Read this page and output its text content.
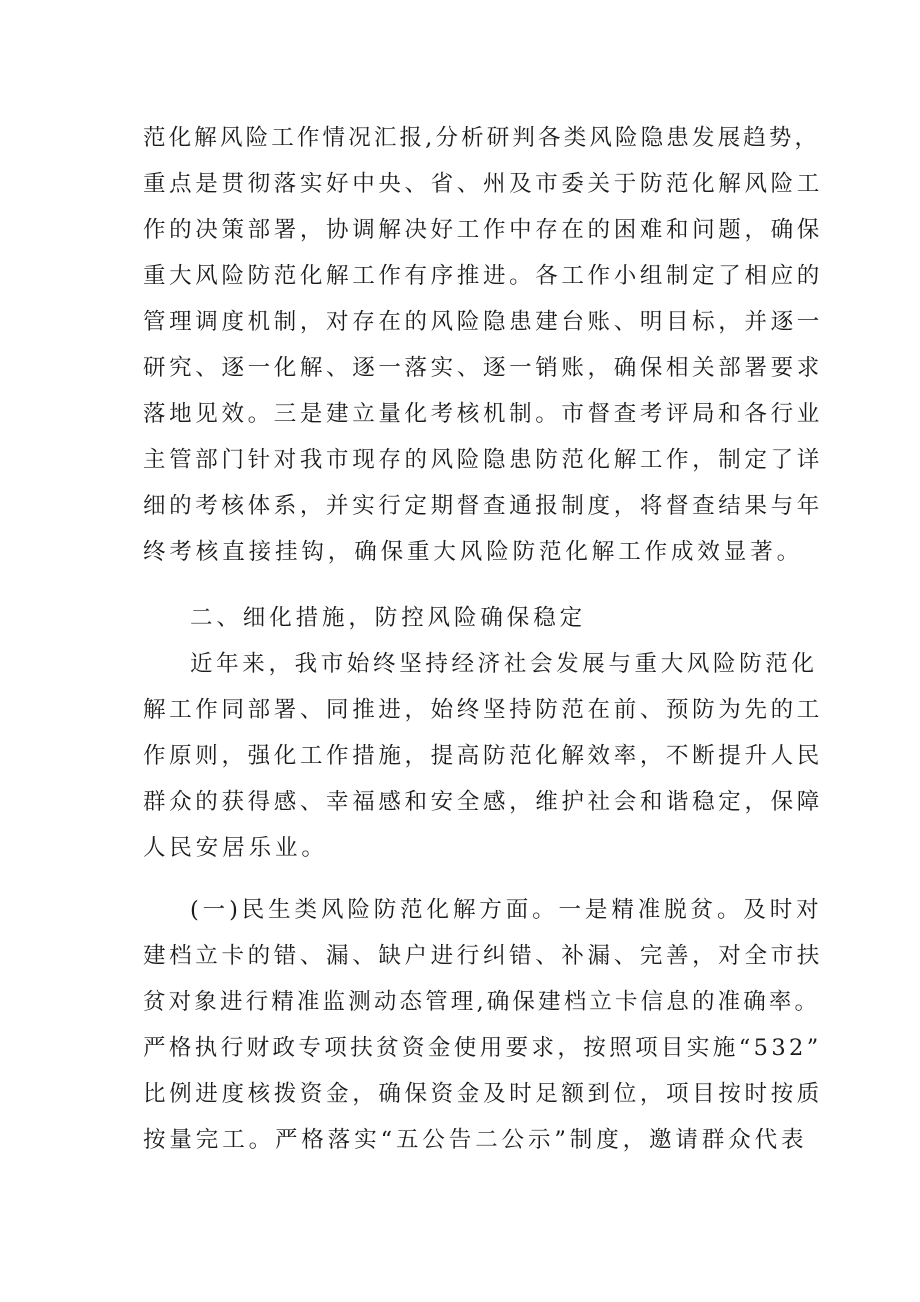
范化解风险工作情况汇报,分析研判各类风险隐患发展趋势，
重点是贯彻落实好中央、省、州及市委关于防范化解风险工
作的决策部署，协调解决好工作中存在的困难和问题，确保
重大风险防范化解工作有序推进。各工作小组制定了相应的
管理调度机制，对存在的风险隐患建台账、明目标，并逐一
研究、逐一化解、逐一落实、逐一销账，确保相关部署要求
落地见效。三是建立量化考核机制。市督查考评局和各行业
主管部门针对我市现存的风险隐患防范化解工作，制定了详
细的考核体系，并实行定期督查通报制度，将督查结果与年
终考核直接挂钩，确保重大风险防范化解工作成效显著。
二、细化措施，防控风险确保稳定
近年来，我市始终坚持经济社会发展与重大风险防范化
解工作同部署、同推进，始终坚持防范在前、预防为先的工
作原则，强化工作措施，提高防范化解效率，不断提升人民
群众的获得感、幸福感和安全感，维护社会和谐稳定，保障
人民安居乐业。
(一)民生类风险防范化解方面。一是精准脱贫。及时对
建档立卡的错、漏、缺户进行纠错、补漏、完善，对全市扶
贫对象进行精准监测动态管理,确保建档立卡信息的准确率。
严格执行财政专项扶贫资金使用要求，按照项目实施“532”
比例进度核拨资金，确保资金及时足额到位，项目按时按质
按量完工。严格落实“五公告二公示”制度，邀请群众代表
